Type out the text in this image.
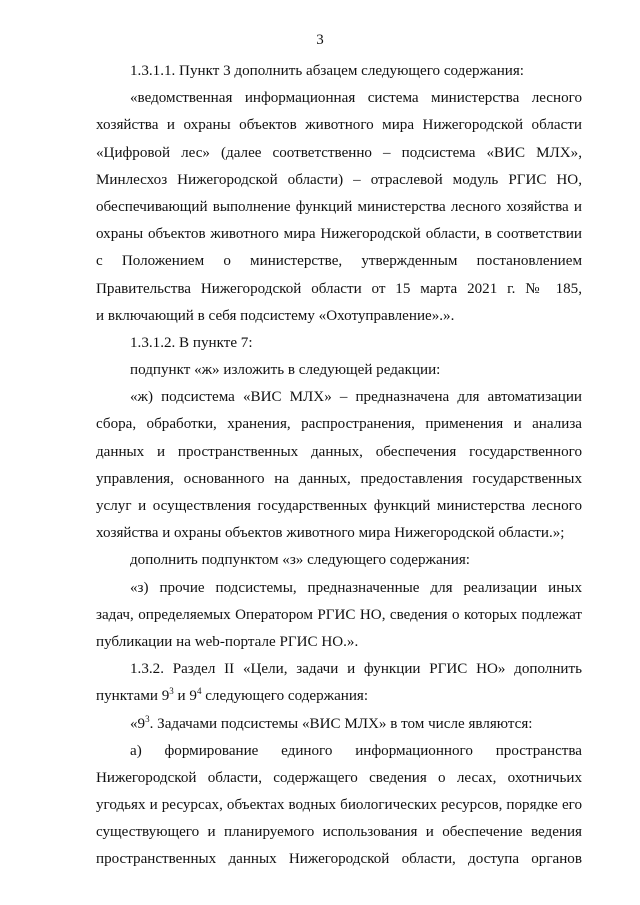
3

1.3.1.1. Пункт 3 дополнить абзацем следующего содержания:

«ведомственная информационная система министерства лесного
хозяйства и охраны объектов животного мира Нижегородской области
«Цифровой лес» (далее соответственно – подсистема «ВИС МЛХ»,
Минлесхоз Нижегородской области) – отраслевой модуль РГИС НО,
обеспечивающий выполнение функций министерства лесного хозяйства и
охраны объектов животного мира Нижегородской области, в соответствии
с Положением о министерстве, утвержденным постановлением
Правительства Нижегородской области от 15 марта 2021 г. № 185,
и включающий в себя подсистему «Охотуправление».».

1.3.1.2. В пункте 7:

подпункт «ж» изложить в следующей редакции:

«ж) подсистема «ВИС МЛХ» – предназначена для автоматизации
сбора, обработки, хранения, распространения, применения и анализа
данных и пространственных данных, обеспечения государственного
управления, основанного на данных, предоставления государственных
услуг и осуществления государственных функций министерства лесного
хозяйства и охраны объектов животного мира Нижегородской области.»;

дополнить подпунктом «з» следующего содержания:

«з) прочие подсистемы, предназначенные для реализации иных
задач, определяемых Оператором РГИС НО, сведения о которых подлежат
публикации на web-портале РГИС НО.».

1.3.2. Раздел II «Цели, задачи и функции РГИС НО» дополнить
пунктами $9^3$ и $9^4$ следующего содержания:

«$9^3$. Задачами подсистемы «ВИС МЛХ» в том числе являются:

а) формирование единого информационного пространства
Нижегородской области, содержащего сведения о лесах, охотничьих
угодьях и ресурсах, объектах водных биологических ресурсов, порядке его
существующего и планируемого использования и обеспечение ведения
пространственных данных Нижегородской области, доступа органов
